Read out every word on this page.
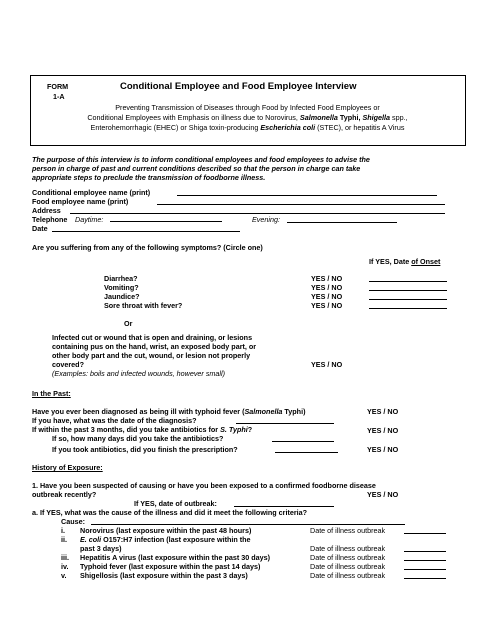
FORM
1-A
Conditional Employee and Food Employee Interview
Preventing Transmission of Diseases through Food by Infected Food Employees or
Conditional Employees with Emphasis on illness due to Norovirus, Salmonella Typhi, Shigella spp.,
Enterohemorrhagic (EHEC) or Shiga toxin-producing Escherichia coli (STEC), or hepatitis A Virus
The purpose of this interview is to inform conditional employees and food employees to advise the
person in charge of past and current conditions described so that the person in charge can take
appropriate steps to preclude the transmission of foodborne illness.
Conditional employee name (print)
Food employee name (print)
Address
Telephone Daytime:	Evening:
Date
Are you suffering from any of the following symptoms? (Circle one)
If YES, Date of Onset
Diarrhea?	YES / NO
Vomiting?	YES / NO
Jaundice?	YES / NO
Sore throat with fever?	YES / NO
Or
Infected cut or wound that is open and draining, or lesions
containing pus on the hand, wrist, an exposed body part, or
other body part and the cut, wound, or lesion not properly
covered?	YES / NO
(Examples: boils and infected wounds, however small)
In the Past:
Have you ever been diagnosed as being ill with typhoid fever (Salmonella Typhi)	YES / NO
If you have, what was the date of the diagnosis?
If within the past 3 months, did you take antibiotics for S. Typhi?	YES / NO
If so, how many days did you take the antibiotics?
If you took antibiotics, did you finish the prescription?	YES / NO
History of Exposure:
1. Have you been suspected of causing or have you been exposed to a confirmed foodborne disease
outbreak recently?	YES / NO
If YES, date of outbreak:
a. If YES, what was the cause of the illness and did it meet the following criteria?
Cause:
i. Norovirus (last exposure within the past 48 hours)	Date of illness outbreak
ii. E. coli O157:H7 infection (last exposure within the
past 3 days)	Date of illness outbreak
iii. Hepatitis A virus (last exposure within the past 30 days)	Date of illness outbreak
iv. Typhoid fever (last exposure within the past 14 days)	Date of illness outbreak
v. Shigellosis (last exposure within the past 3 days)	Date of illness outbreak
